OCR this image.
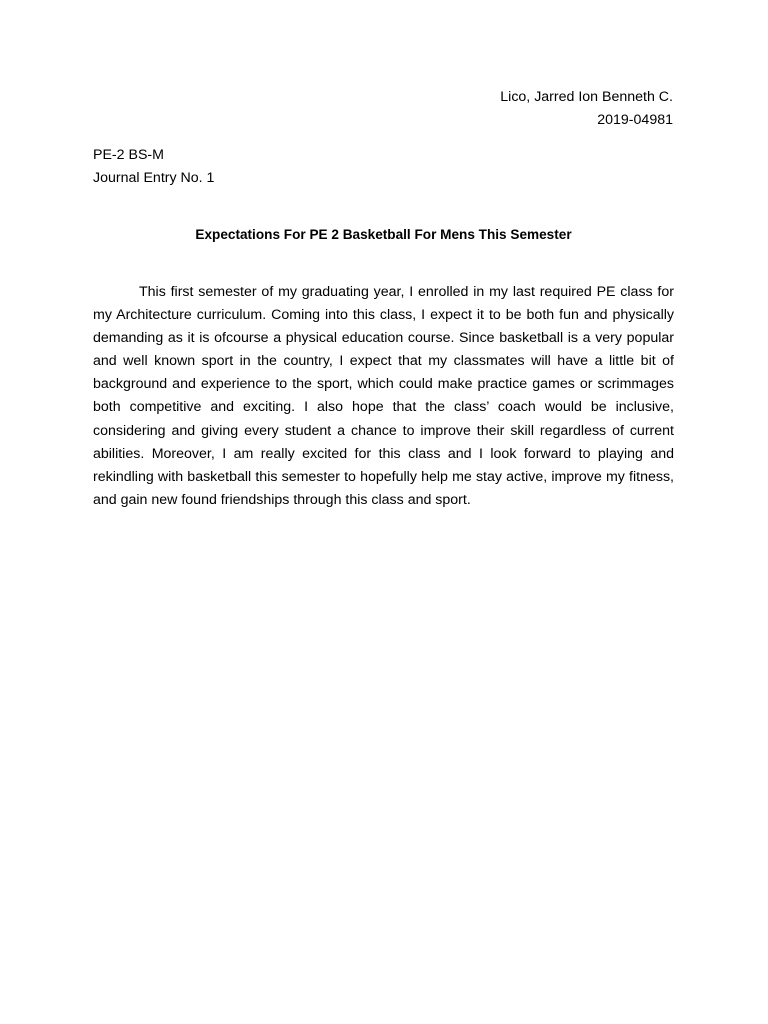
Lico, Jarred Ion Benneth C.
2019-04981
PE-2 BS-M
Journal Entry No. 1
Expectations For PE 2 Basketball For Mens This Semester

This first semester of my graduating year, I enrolled in my last required PE class for my Architecture curriculum. Coming into this class, I expect it to be both fun and physically demanding as it is ofcourse a physical education course. Since basketball is a very popular and well known sport in the country, I expect that my classmates will have a little bit of background and experience to the sport, which could make practice games or scrimmages both competitive and exciting. I also hope that the class’ coach would be inclusive, considering and giving every student a chance to improve their skill regardless of current abilities. Moreover, I am really excited for this class and I look forward to playing and rekindling with basketball this semester to hopefully help me stay active, improve my fitness, and gain new found friendships through this class and sport.
